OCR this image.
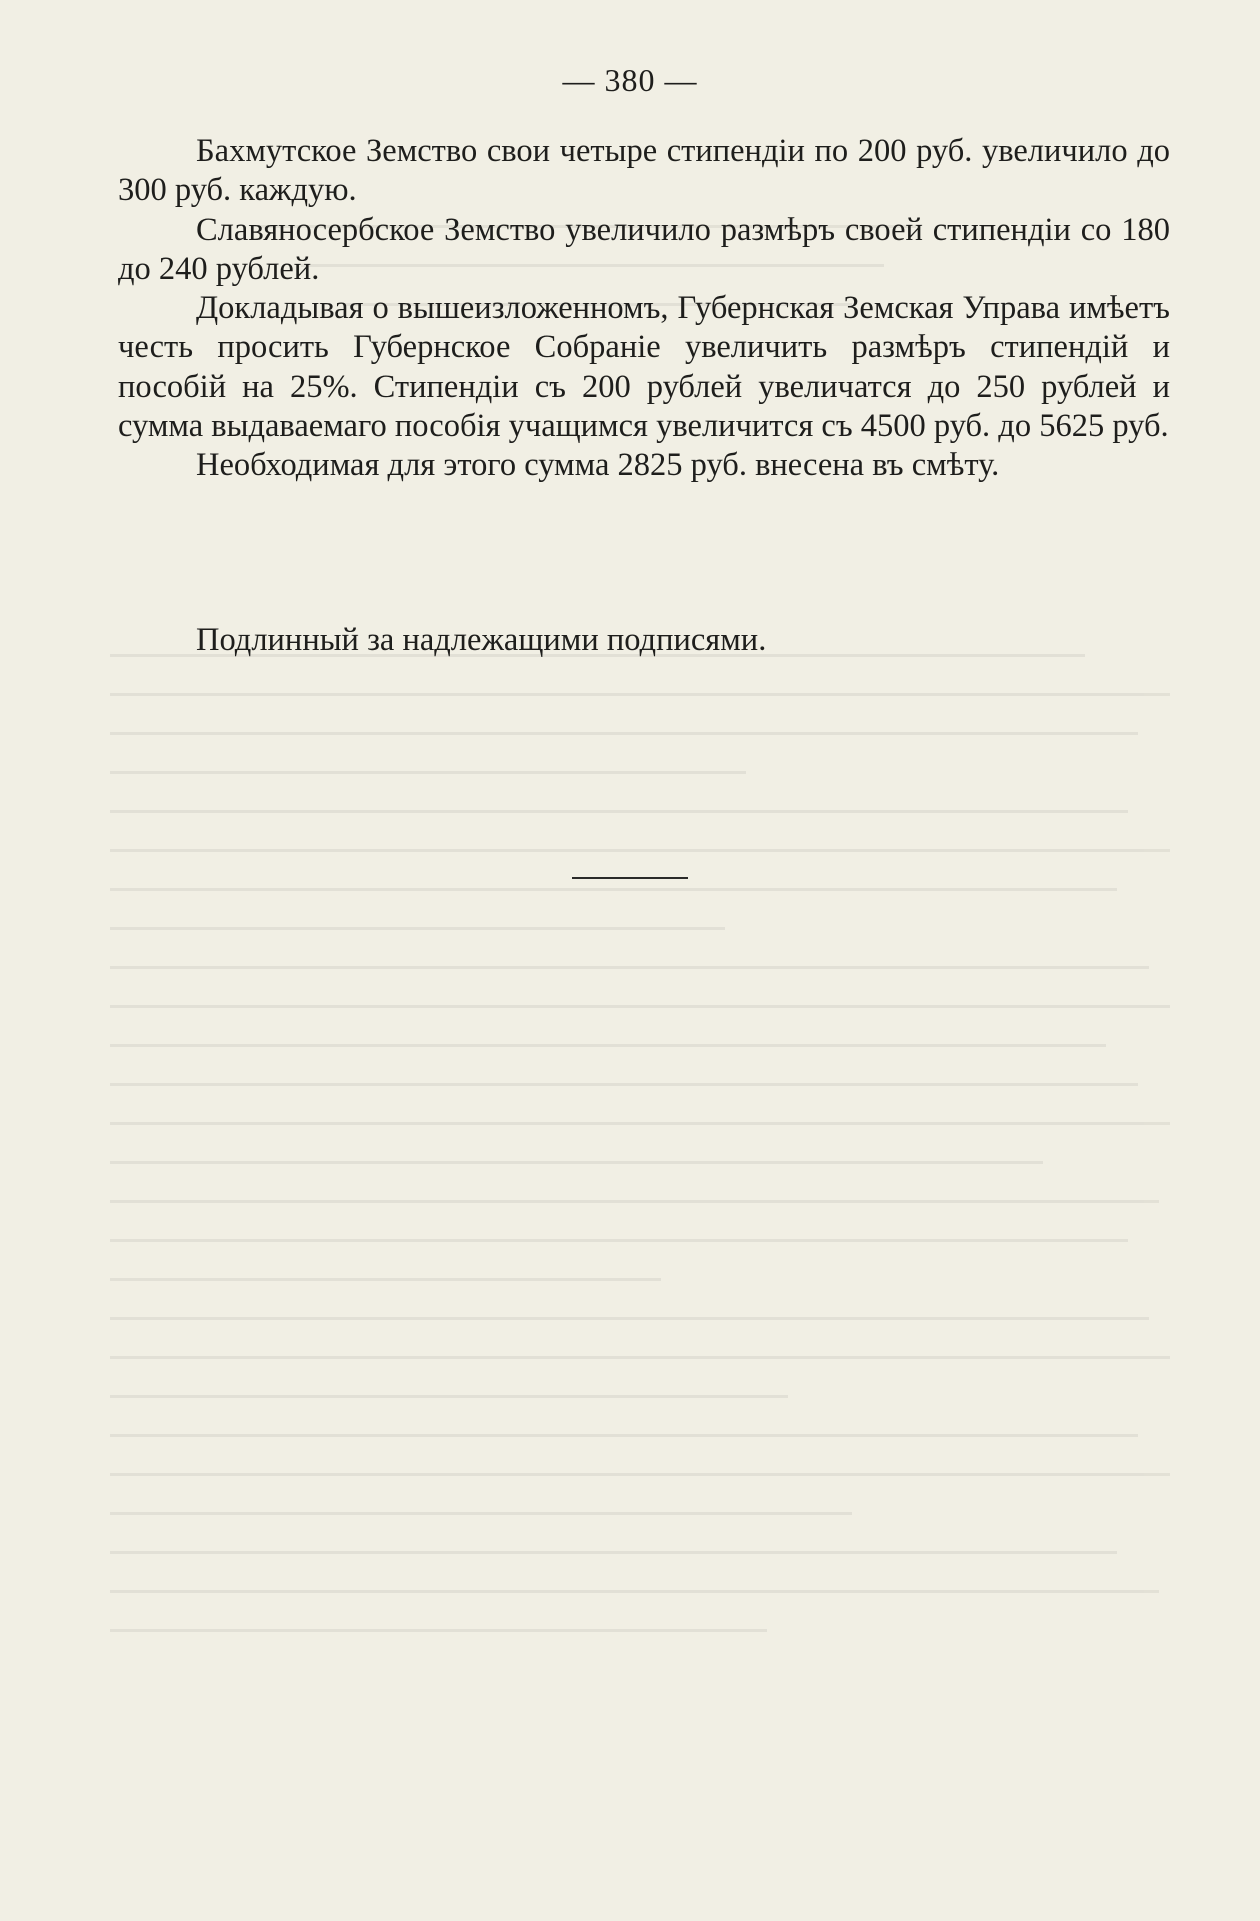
— 380 —

Бахмутское Земство свои четыре стипендіи по 200 руб. увеличило до 300 руб. каждую.

Славяносербское Земство увеличило размѣръ своей стипендіи со 180 до 240 рублей.

Докладывая о вышеизложенномъ, Губернская Земская Управа имѣетъ честь просить Губернское Собраніе увеличить размѣръ стипендій и пособій на 25%. Стипендіи съ 200 рублей увеличатся до 250 рублей и сумма выдаваемаго пособія учащимся увеличится съ 4500 руб. до 5625 руб.

Необходимая для этого сумма 2825 руб. внесена въ смѣту.

Подлинный за надлежащими подписями.
